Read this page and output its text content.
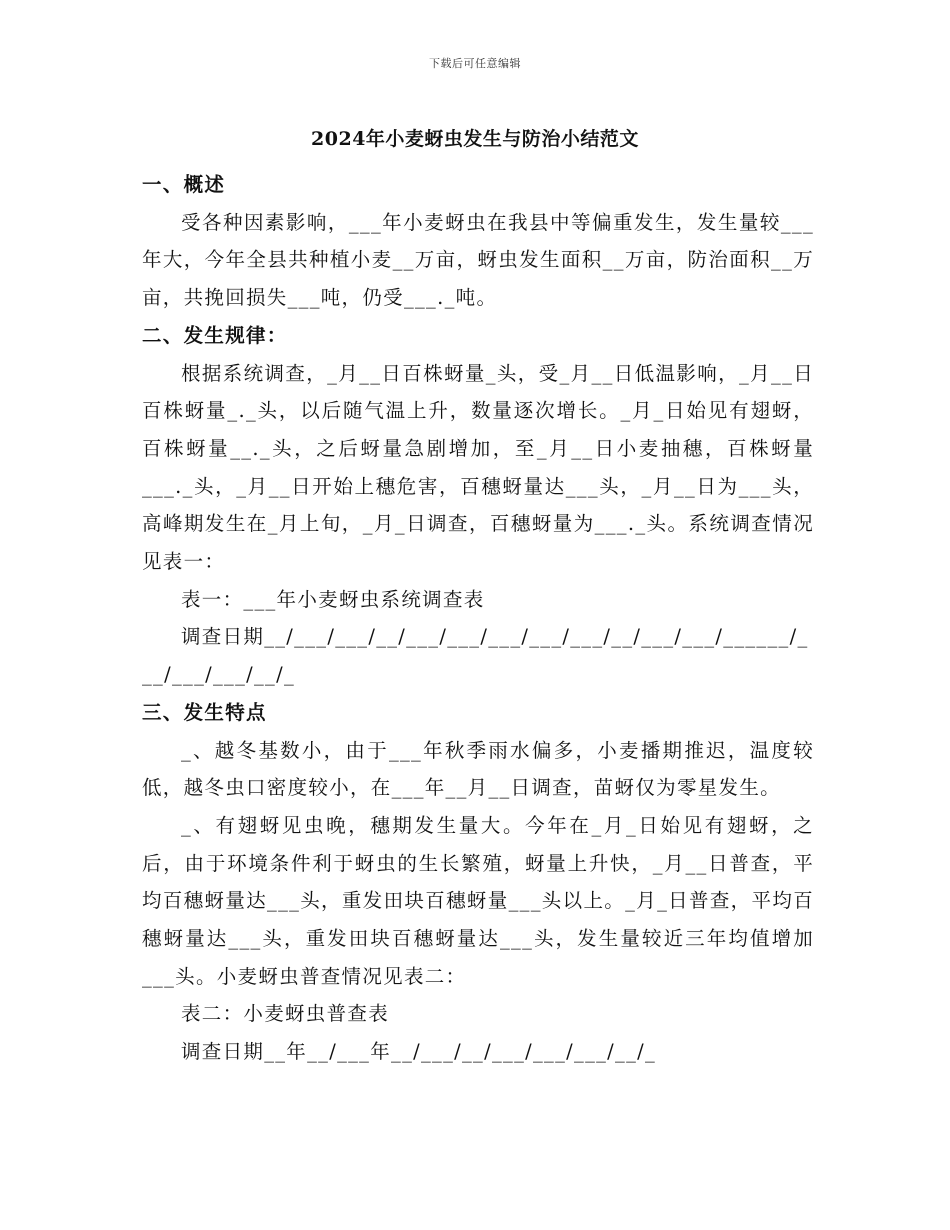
下载后可任意编辑
2024年小麦蚜虫发生与防治小结范文

一、概述

受各种因素影响，___年小麦蚜虫在我县中等偏重发生，发生量较___年大，今年全县共种植小麦__万亩，蚜虫发生面积__万亩，防治面积__万亩，共挽回损失___吨，仍受___._吨。

二、发生规律：

根据系统调查，_月__日百株蚜量_头，受_月__日低温影响，_月__日百株蚜量_._头，以后随气温上升，数量逐次增长。_月_日始见有翅蚜，百株蚜量__._头，之后蚜量急剧增加，至_月__日小麦抽穗，百株蚜量___._头，_月__日开始上穗危害，百穗蚜量达___头，_月__日为___头，高峰期发生在_月上旬，_月_日调查，百穗蚜量为___._头。系统调查情况见表一：

表一：___年小麦蚜虫系统调查表

调查日期__/___/___/__/___/___/___/___/___/__/___/___/______/___/___/___/__/_

三、发生特点

_、越冬基数小，由于___年秋季雨水偏多，小麦播期推迟，温度较低，越冬虫口密度较小，在___年__月__日调查，苗蚜仅为零星发生。

_、有翅蚜见虫晚，穗期发生量大。今年在_月_日始见有翅蚜，之后，由于环境条件利于蚜虫的生长繁殖，蚜量上升快，_月__日普查，平均百穗蚜量达___头，重发田块百穗蚜量___头以上。_月_日普查，平均百穗蚜量达___头，重发田块百穗蚜量达___头，发生量较近三年均值增加___头。小麦蚜虫普查情况见表二：

表二：小麦蚜虫普查表

调查日期__年__/___年__/___/__/___/___/___/__/_
